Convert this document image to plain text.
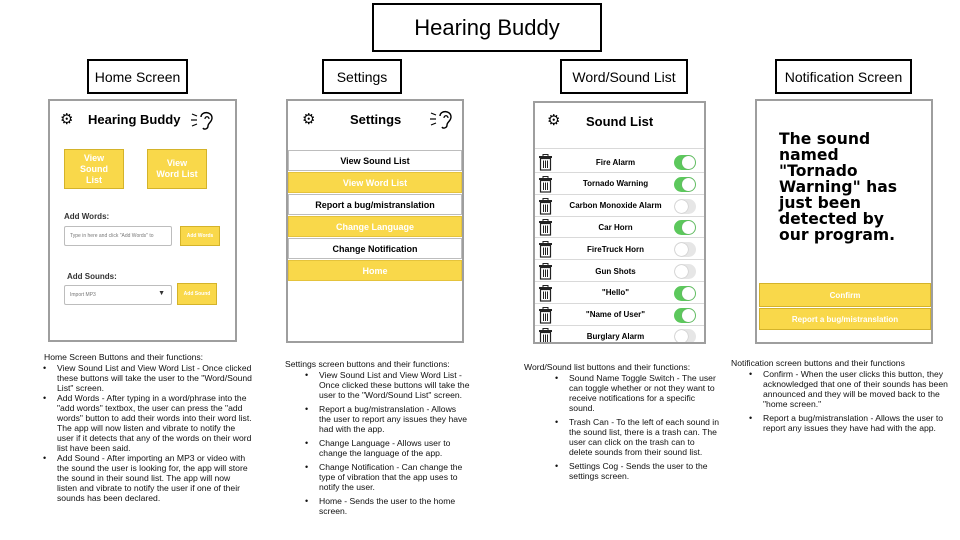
Hearing Buddy
Home Screen	Settings	Word/Sound List	Notification Screen
⚙ Hearing Buddy
View Sound List
View Word List
Add Words:
Type in here and click "Add Words" to	Add Words
Add Sounds:
Import MP3	▼	Add Sound
⚙	Settings
View Sound List
View Word List
Report a bug/mistranslation
Change Language
Change Notification
Home
⚙ Sound List
Fire Alarm
Tornado Warning
Carbon Monoxide Alarm
Car Horn
FireTruck Horn
Gun Shots
"Hello"
"Name of User"
Burglary Alarm
The sound named "Tornado Warning" has just been detected by our program.
Confirm
Report a bug/mistranslation
Home Screen Buttons and their functions:
• View Sound List and View Word List - Once clicked these buttons will take the user to the "Word/Sound List" screen.
• Add Words - After typing in a word/phrase into the "add words" textbox, the user can press the "add words" button to add their words into their word list. The app will now listen and vibrate to notify the user if it detects that any of the words on their word list have been said.
• Add Sound - After importing an MP3 or video with the sound the user is looking for, the app will store the sound in their sound list. The app will now listen and vibrate to notify the user if one of their sounds has been declared.
Settings screen buttons and their functions:
• View Sound List and View Word List - Once clicked these buttons will take the user to the "Word/Sound List" screen.
• Report a bug/mistranslation - Allows the user to report any issues they have had with the app.
• Change Language - Allows user to change the language of the app.
• Change Notification - Can change the type of vibration that the app uses to notify the user.
• Home - Sends the user to the home screen.
Word/Sound list buttons and their functions:
• Sound Name Toggle Switch - The user can toggle whether or not they want to receive notifications for a specific sound.
• Trash Can - To the left of each sound in the sound list, there is a trash can. The user can click on the trash can to delete sounds from their sound list.
• Settings Cog - Sends the user to the settings screen.
Notification screen buttons and their functions
• Confirm - When the user clicks this button, they acknowledged that one of their sounds has been announced and they will be moved back to the "home screen."
• Report a bug/mistranslation - Allows the user to report any issues they have had with the app.
